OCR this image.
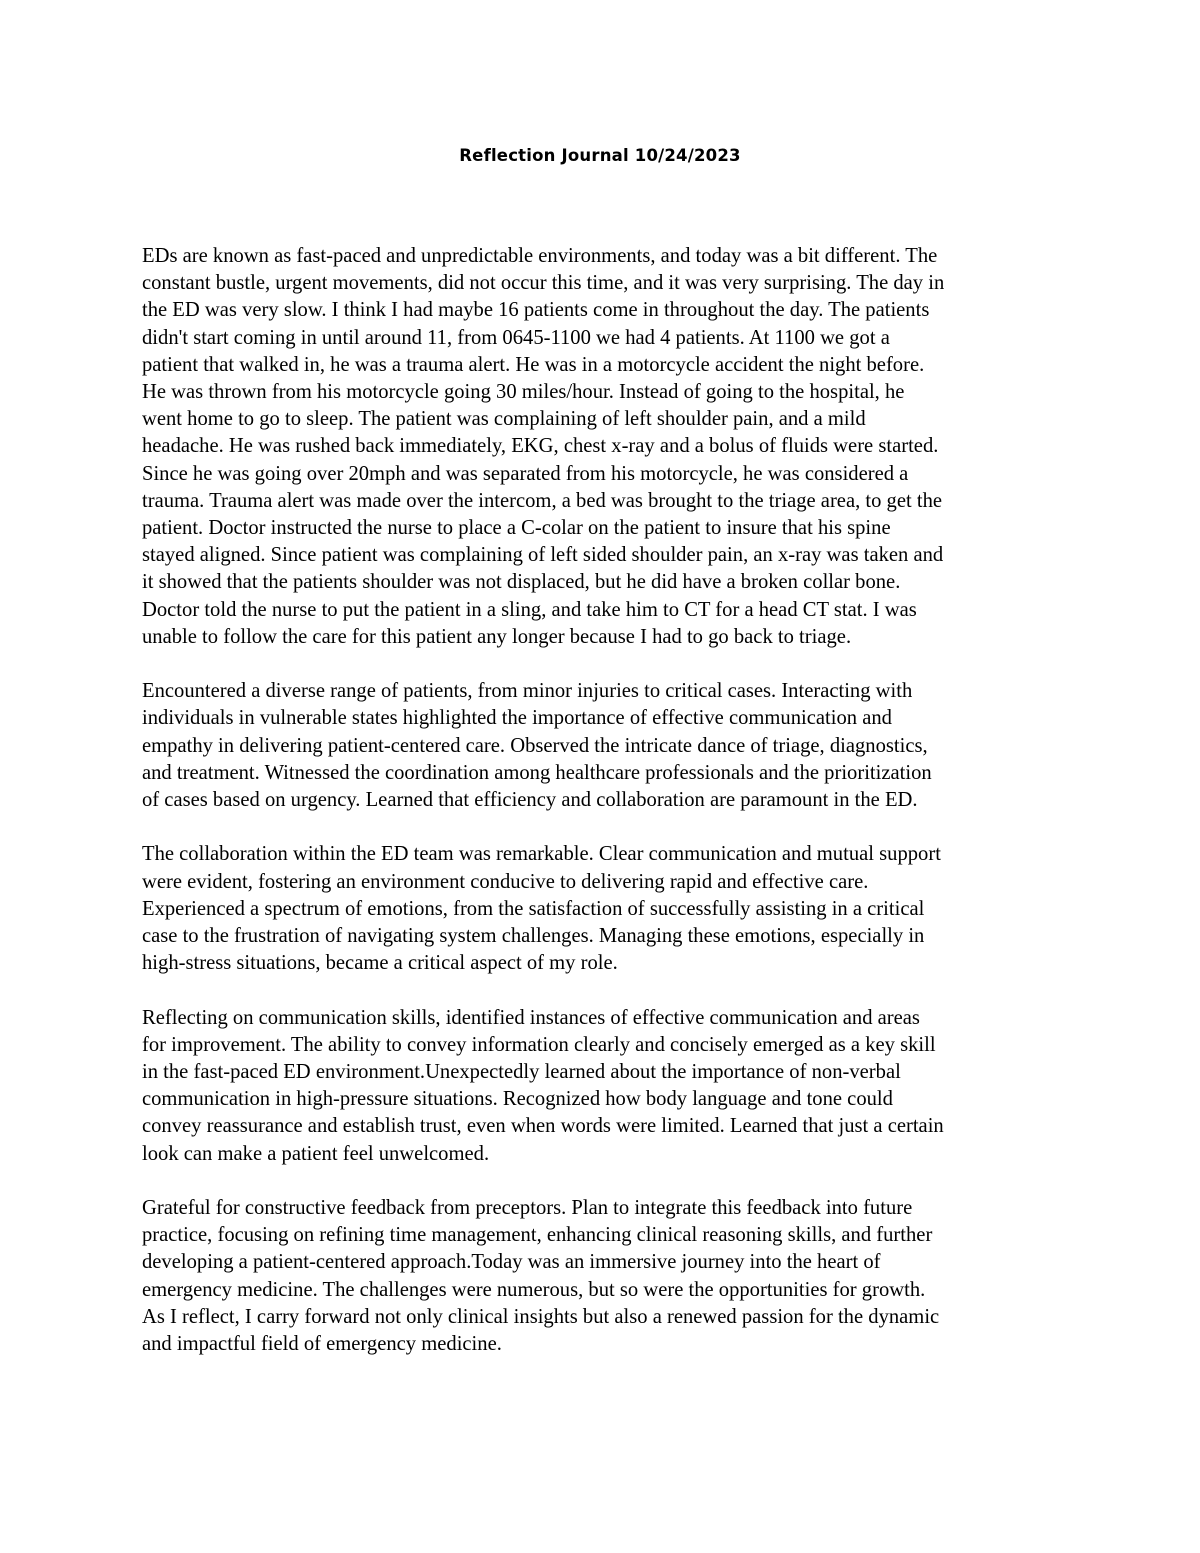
Reflection Journal 10/24/2023

EDs are known as fast-paced and unpredictable environments, and today was a bit different. The
constant bustle, urgent movements, did not occur this time, and it was very surprising. The day in
the ED was very slow. I think I had maybe 16 patients come in throughout the day. The patients
didn't start coming in until around 11, from 0645-1100 we had 4 patients. At 1100 we got a
patient that walked in, he was a trauma alert. He was in a motorcycle accident the night before.
He was thrown from his motorcycle going 30 miles/hour. Instead of going to the hospital, he
went home to go to sleep. The patient was complaining of left shoulder pain, and a mild
headache. He was rushed back immediately, EKG, chest x-ray and a bolus of fluids were started.
Since he was going over 20mph and was separated from his motorcycle, he was considered a
trauma. Trauma alert was made over the intercom, a bed was brought to the triage area, to get the
patient. Doctor instructed the nurse to place a C-colar on the patient to insure that his spine
stayed aligned. Since patient was complaining of left sided shoulder pain, an x-ray was taken and
it showed that the patients shoulder was not displaced, but he did have a broken collar bone.
Doctor told the nurse to put the patient in a sling, and take him to CT for a head CT stat. I was
unable to follow the care for this patient any longer because I had to go back to triage.

Encountered a diverse range of patients, from minor injuries to critical cases. Interacting with
individuals in vulnerable states highlighted the importance of effective communication and
empathy in delivering patient-centered care. Observed the intricate dance of triage, diagnostics,
and treatment. Witnessed the coordination among healthcare professionals and the prioritization
of cases based on urgency. Learned that efficiency and collaboration are paramount in the ED.

The collaboration within the ED team was remarkable. Clear communication and mutual support
were evident, fostering an environment conducive to delivering rapid and effective care.
Experienced a spectrum of emotions, from the satisfaction of successfully assisting in a critical
case to the frustration of navigating system challenges. Managing these emotions, especially in
high-stress situations, became a critical aspect of my role.

Reflecting on communication skills, identified instances of effective communication and areas
for improvement. The ability to convey information clearly and concisely emerged as a key skill
in the fast-paced ED environment.Unexpectedly learned about the importance of non-verbal
communication in high-pressure situations. Recognized how body language and tone could
convey reassurance and establish trust, even when words were limited. Learned that just a certain
look can make a patient feel unwelcomed.

Grateful for constructive feedback from preceptors. Plan to integrate this feedback into future
practice, focusing on refining time management, enhancing clinical reasoning skills, and further
developing a patient-centered approach.Today was an immersive journey into the heart of
emergency medicine. The challenges were numerous, but so were the opportunities for growth.
As I reflect, I carry forward not only clinical insights but also a renewed passion for the dynamic
and impactful field of emergency medicine.
